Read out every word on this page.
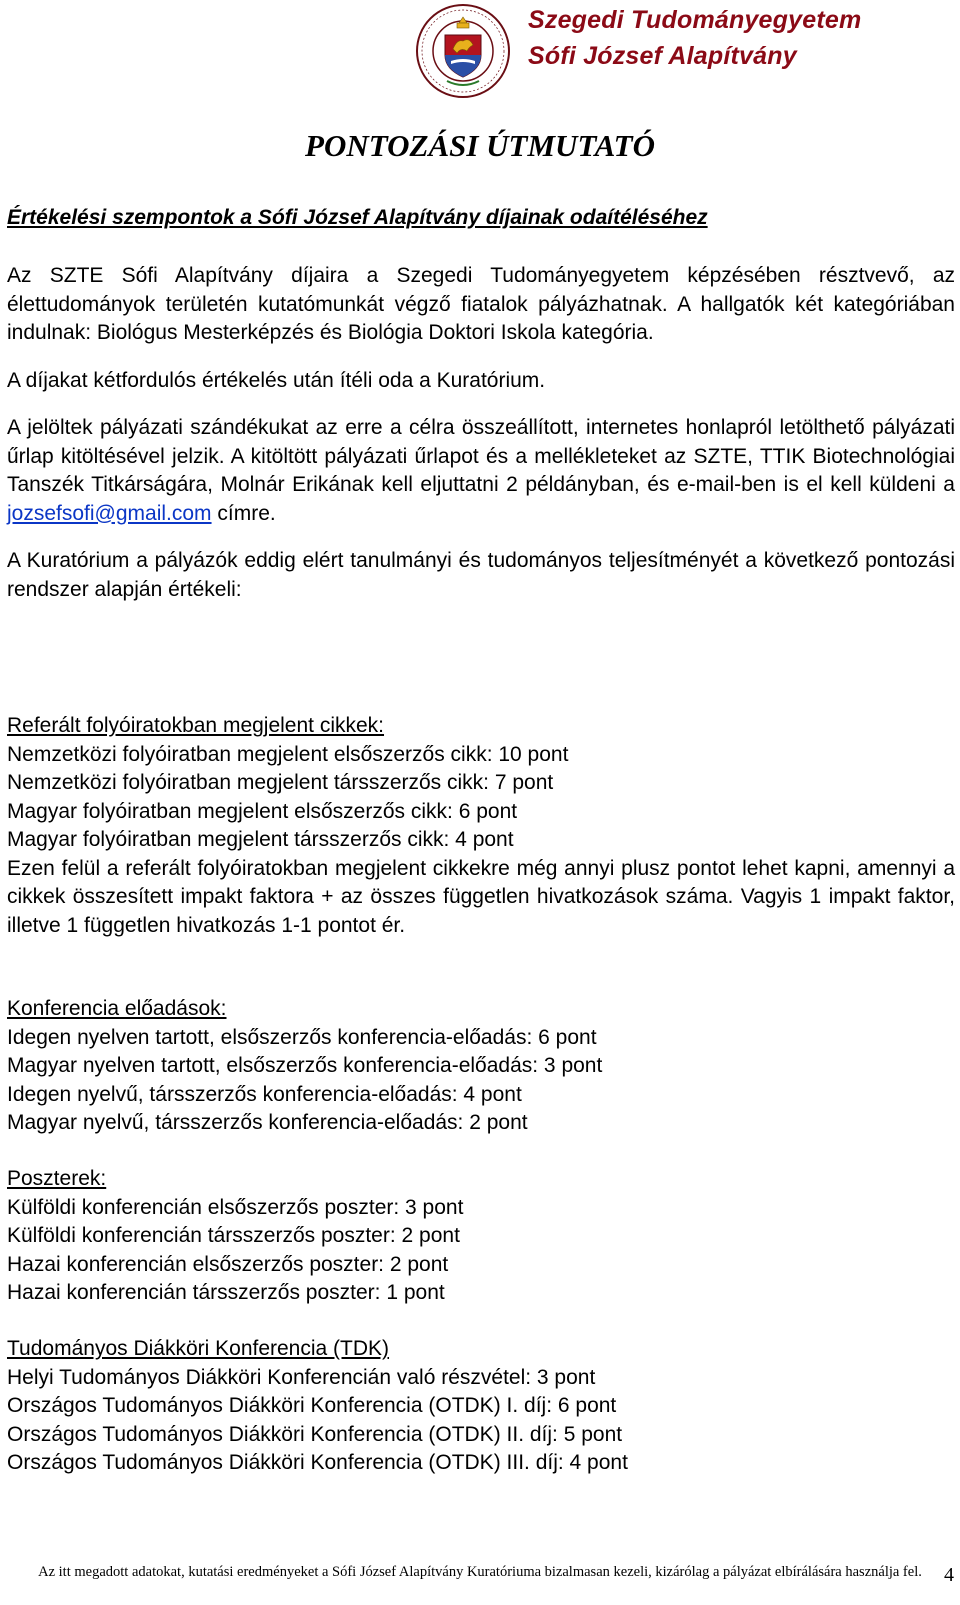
Szegedi Tudományegyetem
Sófi József Alapítvány
PONTOZÁSI ÚTMUTATÓ
Értékelési szempontok a Sófi József Alapítvány díjainak odaítéléséhez

Az SZTE Sófi Alapítvány díjaira a Szegedi Tudományegyetem képzésében résztvevő, az élettudományok területén kutatómunkát végző fiatalok pályázhatnak. A hallgatók két kategóriában indulnak: Biológus Mesterképzés és Biológia Doktori Iskola kategória.

A díjakat kétfordulós értékelés után ítéli oda a Kuratórium.

A jelöltek pályázati szándékukat az erre a célra összeállított, internetes honlapról letölthető pályázati űrlap kitöltésével jelzik. A kitöltött pályázati űrlapot és a mellékleteket az SZTE, TTIK Biotechnológiai Tanszék Titkárságára, Molnár Erikának kell eljuttatni 2 példányban, és e-mail-ben is el kell küldeni a jozsefsofi@gmail.com címre.

A Kuratórium a pályázók eddig elért tanulmányi és tudományos teljesítményét a következő pontozási rendszer alapján értékeli:

Referált folyóiratokban megjelent cikkek:
Nemzetközi folyóiratban megjelent elsőszerzős cikk: 10 pont
Nemzetközi folyóiratban megjelent társszerzős cikk: 7 pont
Magyar folyóiratban megjelent elsőszerzős cikk: 6 pont
Magyar folyóiratban megjelent társszerzős cikk: 4 pont
Ezen felül a referált folyóiratokban megjelent cikkekre még annyi plusz pontot lehet kapni, amennyi a cikkek összesített impakt faktora + az összes független hivatkozások száma. Vagyis 1 impakt faktor, illetve 1 független hivatkozás 1-1 pontot ér.
Konferencia előadások:
Idegen nyelven tartott, elsőszerzős konferencia-előadás: 6 pont
Magyar nyelven tartott, elsőszerzős konferencia-előadás: 3 pont
Idegen nyelvű, társszerzős konferencia-előadás: 4 pont
Magyar nyelvű, társszerzős konferencia-előadás: 2 pont
Poszterek:
Külföldi konferencián elsőszerzős poszter: 3 pont
Külföldi konferencián társszerzős poszter: 2 pont
Hazai konferencián elsőszerzős poszter: 2 pont
Hazai konferencián társszerzős poszter: 1 pont
Tudományos Diákköri Konferencia (TDK)
Helyi Tudományos Diákköri Konferencián való részvétel: 3 pont
Országos Tudományos Diákköri Konferencia (OTDK) I. díj: 6 pont
Országos Tudományos Diákköri Konferencia (OTDK) II. díj: 5 pont
Országos Tudományos Diákköri Konferencia (OTDK) III. díj: 4 pont
Az itt megadott adatokat, kutatási eredményeket a Sófi József Alapítvány Kuratóriuma bizalmasan kezeli, kizárólag a pályázat elbírálására használja fel.	4
